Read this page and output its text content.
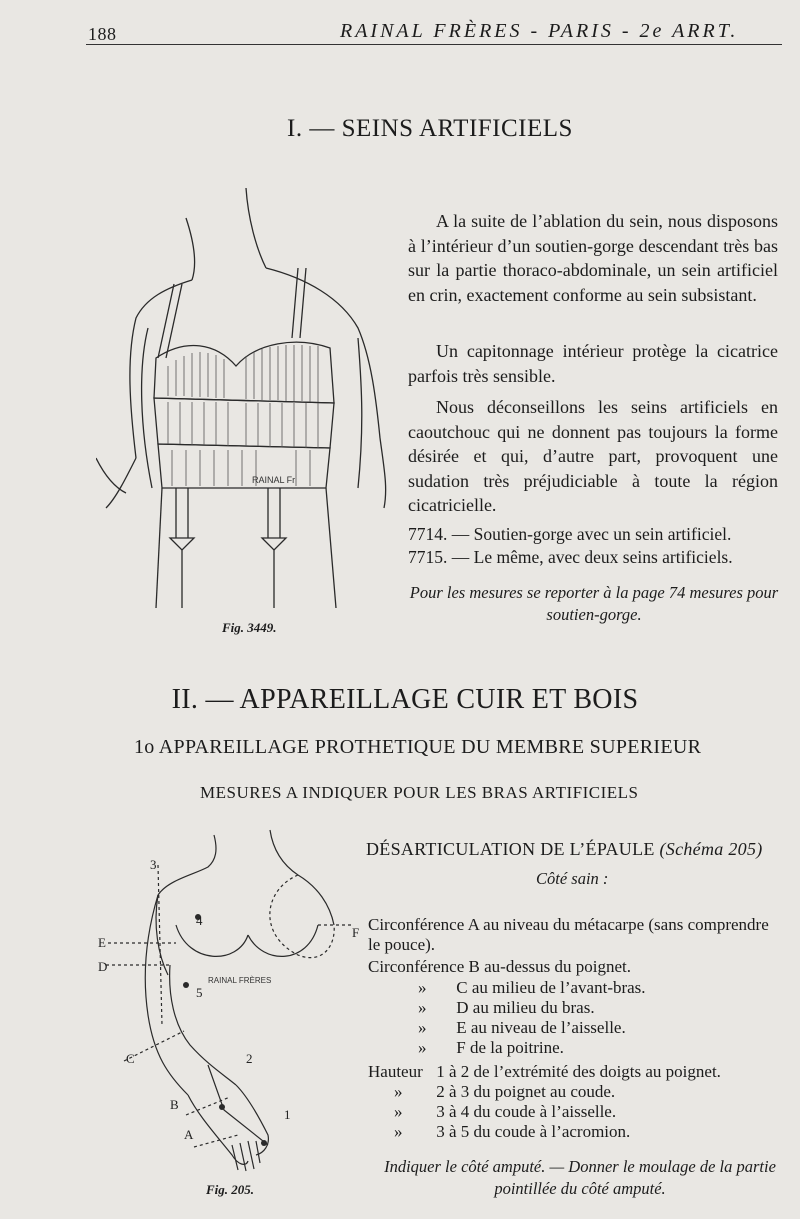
188	RAINAL FRÈRES - PARIS - 2e ARRT.
I. — SEINS ARTIFICIELS
RAINAL Fr
Fig. 3449.
A la suite de l’ablation du sein, nous disposons à l’intérieur d’un soutien-gorge descendant très bas sur la partie thoraco-abdominale, un sein artificiel en crin, exactement conforme au sein subsistant.
Un capitonnage intérieur protège la cicatrice parfois très sensible.
Nous déconseillons les seins artificiels en caoutchouc qui ne donnent pas toujours la forme désirée et qui, d’autre part, provoquent une sudation très préjudiciable à toute la région cicatricielle.
7714. — Soutien-gorge avec un sein artificiel.
7715. — Le même, avec deux seins artificiels.
Pour les mesures se reporter à la page 74 mesures pour soutien-gorge.
II. — APPAREILLAGE CUIR ET BOIS
1o APPAREILLAGE PROTHETIQUE DU MEMBRE SUPERIEUR
MESURES A INDIQUER POUR LES BRAS ARTIFICIELS
E
D
C
B
A
F
1
2
3
4
5
RAINAL FRÈRES
Fig. 205.
DÉSARTICULATION DE L’ÉPAULE (Schéma 205)
Côté sain :
Circonférence A au niveau du métacarpe (sans comprendre le pouce).
Circonférence B au-dessus du poignet.
» C au milieu de l’avant-bras.
» D au milieu du bras.
» E au niveau de l’aisselle.
» F de la poitrine.
Hauteur 1 à 2 de l’extrémité des doigts au poignet.
» 2 à 3 du poignet au coude.
» 3 à 4 du coude à l’aisselle.
» 3 à 5 du coude à l’acromion.
Indiquer le côté amputé. — Donner le moulage de la partie pointillée du côté amputé.
